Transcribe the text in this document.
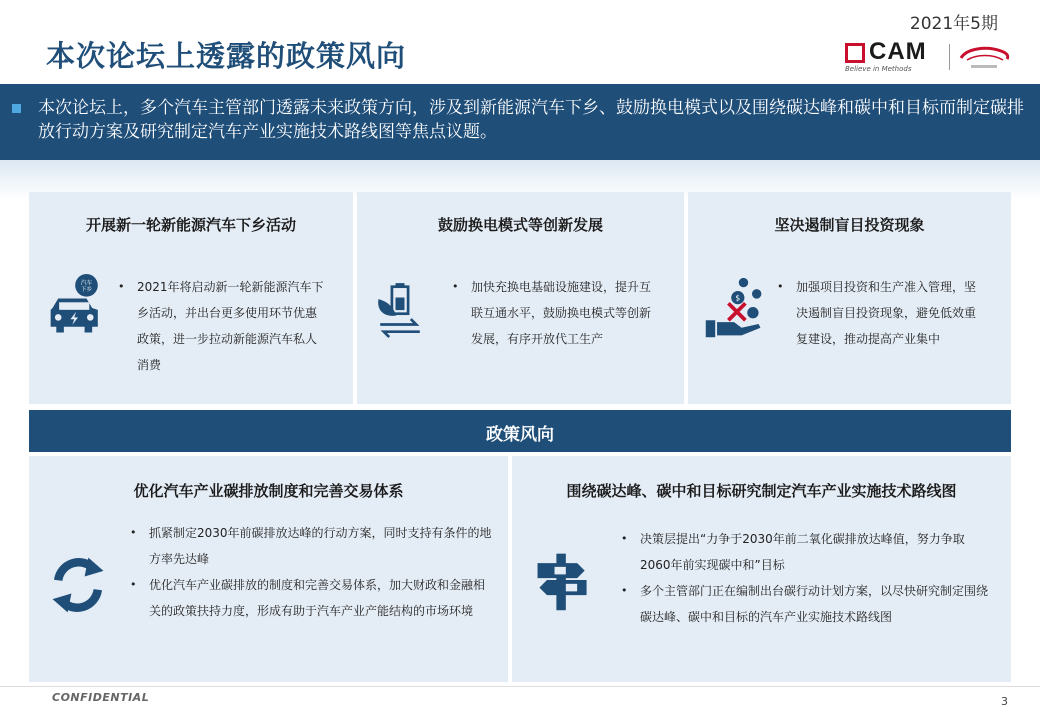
2021年5期
本次论坛上透露的政策风向	CAM
Believe in Methods
本次论坛上，多个汽车主管部门透露未来政策方向，涉及到新能源汽车下乡、鼓励换电模式以及围绕碳达峰和碳中和目标而制定碳排放行动方案及研究制定汽车产业实施技术路线图等焦点议题。
开展新一轮新能源汽车下乡活动
汽车
下乡
•	2021年将启动新一轮新能源汽车下乡活动，并出台更多使用环节优惠政策，进一步拉动新能源汽车私人消费
鼓励换电模式等创新发展
• 加快充换电基础设施建设，提升互联互通水平，鼓励换电模式等创新发展，有序开放代工生产
坚决遏制盲目投资现象
$
• 加强项目投资和生产准入管理，坚决遏制盲目投资现象，避免低效重复建设，推动提高产业集中
政策风向
优化汽车产业碳排放制度和完善交易体系
• 抓紧制定2030年前碳排放达峰的行动方案，同时支持有条件的地方率先达峰
• 优化汽车产业碳排放的制度和完善交易体系，加大财政和金融相关的政策扶持力度，形成有助于汽车产业产能结构的市场环境
围绕碳达峰、碳中和目标研究制定汽车产业实施技术路线图
• 决策层提出“力争于2030年前二氧化碳排放达峰值，努力争取2060年前实现碳中和”目标
• 多个主管部门正在编制出台碳行动计划方案，以尽快研究制定围绕碳达峰、碳中和目标的汽车产业实施技术路线图
CONFIDENTIAL	3
